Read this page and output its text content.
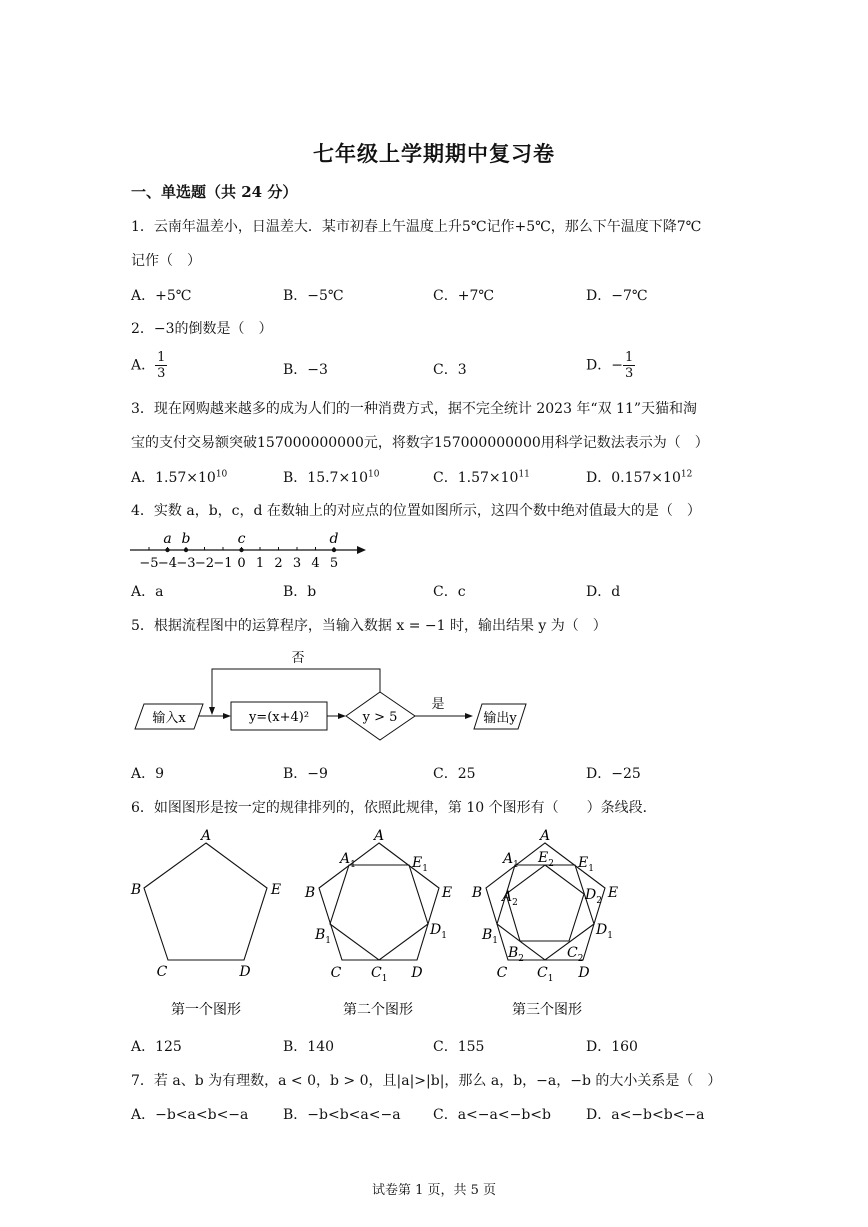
七年级上学期期中复习卷
一、单选题（共 24 分）
1．云南年温差小，日温差大．某市初春上午温度上升5℃记作+5℃，那么下午温度下降7℃
记作（　）
A．+5℃	B．−5℃	C．+7℃	D．−7℃
2．−3的倒数是（　）
A． $\frac{1}{3}$	B．−3	C．3	D．− $\frac{1}{3}$
3．现在网购越来越多的成为人们的一种消费方式，据不完全统计 2023 年“双 11”天猫和淘
宝的支付交易额突破157000000000元，将数字157000000000用科学记数法表示为（　）
A．$1.57\times 10^{10}$	B．$15.7\times 10^{10}$	C．$1.57\times 10^{11}$	D．$0.157\times 10^{12}$
4．实数 a，b，c，d 在数轴上的对应点的位置如图所示，这四个数中绝对值最大的是（　）
−5 −4 −3 −2 −1 0 1 2 3 4 5
a b	c	d
A．a	B．b	C．c	D．d
5．根据流程图中的运算程序，当输入数据 x = −1 时，输出结果 y 为（　）
输入x	y=(x+4)²	y > 5
是
输出y
否
A．9	B．−9	C．25	D．−25
6．如图图形是按一定的规律排列的，依照此规律，第 10 个图形有（　　）条线段．
A
E
B
C	D
A
E
B
C	D
$A_1$	$E_1$
$B_1$
$D_1$
$C_1$
A
E
B
C	D
$A_1$ $E_2$ $E_1$
$A_2$	$D_2$
$B_1$
$D_1$
$B_2$	$C_2$
$C_1$
第一个图形	第二个图形	第三个图形
A．125	B．140	C．155	D．160
7．若 a、b 为有理数，a < 0，b > 0，且|a|>|b|，那么 a，b，−a，−b 的大小关系是（　）
A．−b<a<b<−a B．−b<b<a<−a C．a<−a<−b<b	D．a<−b<b<−a
试卷第 1 页，共 5 页
